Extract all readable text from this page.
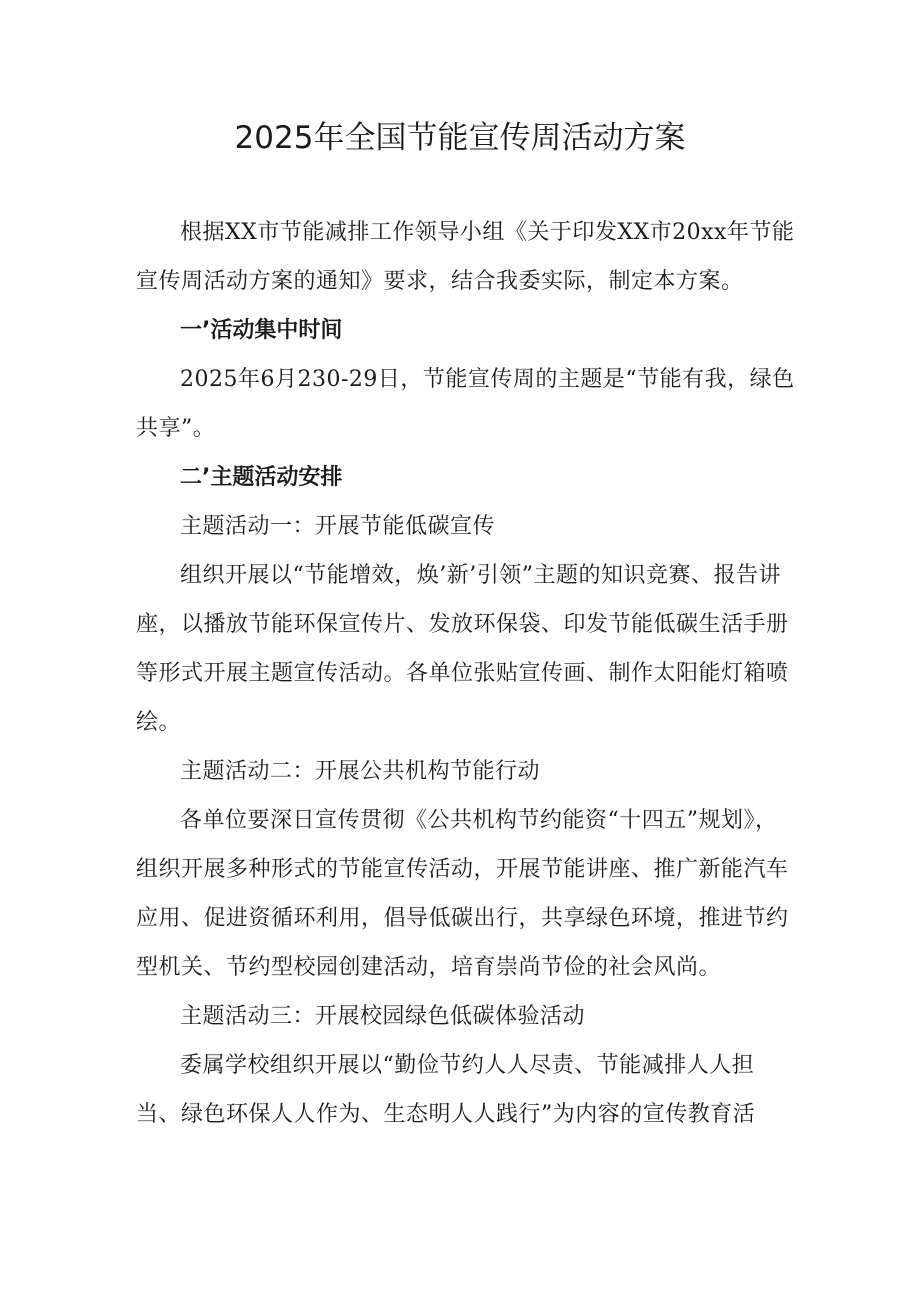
2025年全国节能宣传周活动方案

根据XX市节能减排工作领导小组《关于印发XX市20xx年节能宣传周活动方案的通知》要求，结合我委实际，制定本方案。

一’活动集中时间

2025年6月230-29日，节能宣传周的主题是“节能有我，绿色共享”。

二’主题活动安排

主题活动一：开展节能低碳宣传

组织开展以“节能增效，焕’新’引领”主题的知识竞赛、报告讲座，以播放节能环保宣传片、发放环保袋、印发节能低碳生活手册等形式开展主题宣传活动。各单位张贴宣传画、制作太阳能灯箱喷绘。

主题活动二：开展公共机构节能行动

各单位要深日宣传贯彻《公共机构节约能资“十四五”规划》，组织开展多种形式的节能宣传活动，开展节能讲座、推广新能汽车应用、促进资循环利用，倡导低碳出行，共享绿色环境，推进节约型机关、节约型校园创建活动，培育崇尚节俭的社会风尚。

主题活动三：开展校园绿色低碳体验活动

委属学校组织开展以“勤俭节约人人尽责、节能减排人人担当、绿色环保人人作为、生态明人人践行”为内容的宣传教育活
